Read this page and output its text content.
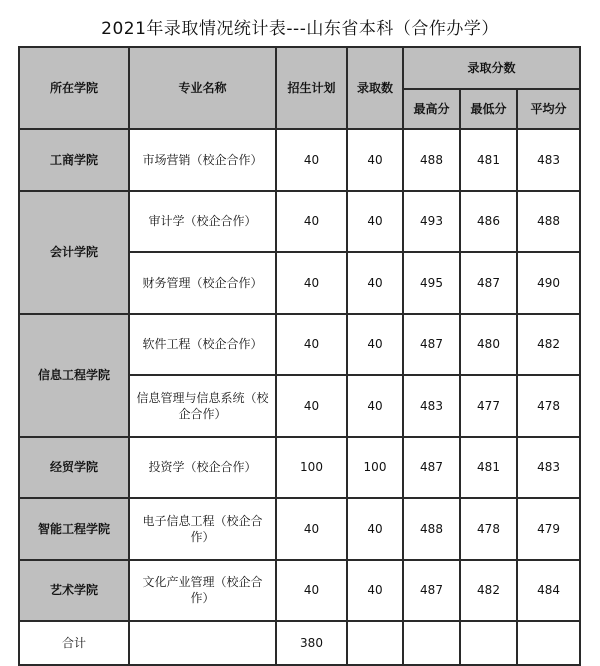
2021年录取情况统计表---山东省本科（合作办学）
所在学院	专业名称	招生计划	录取数	录取分数		
				最高分	最低分	平均分
工商学院	市场营销（校企合作）	40	40	488	481	483
会计学院	审计学（校企合作）	40	40	493	486	488
	财务管理（校企合作）	40	40	495	487	490
信息工程学院	软件工程（校企合作）	40	40	487	480	482
	信息管理与信息系统（校企合作）	40	40	483	477	478
经贸学院	投资学（校企合作）	100	100	487	481	483
智能工程学院	电子信息工程（校企合作）	40	40	488	478	479
艺术学院	文化产业管理（校企合作）	40	40	487	482	484
合计		380				
